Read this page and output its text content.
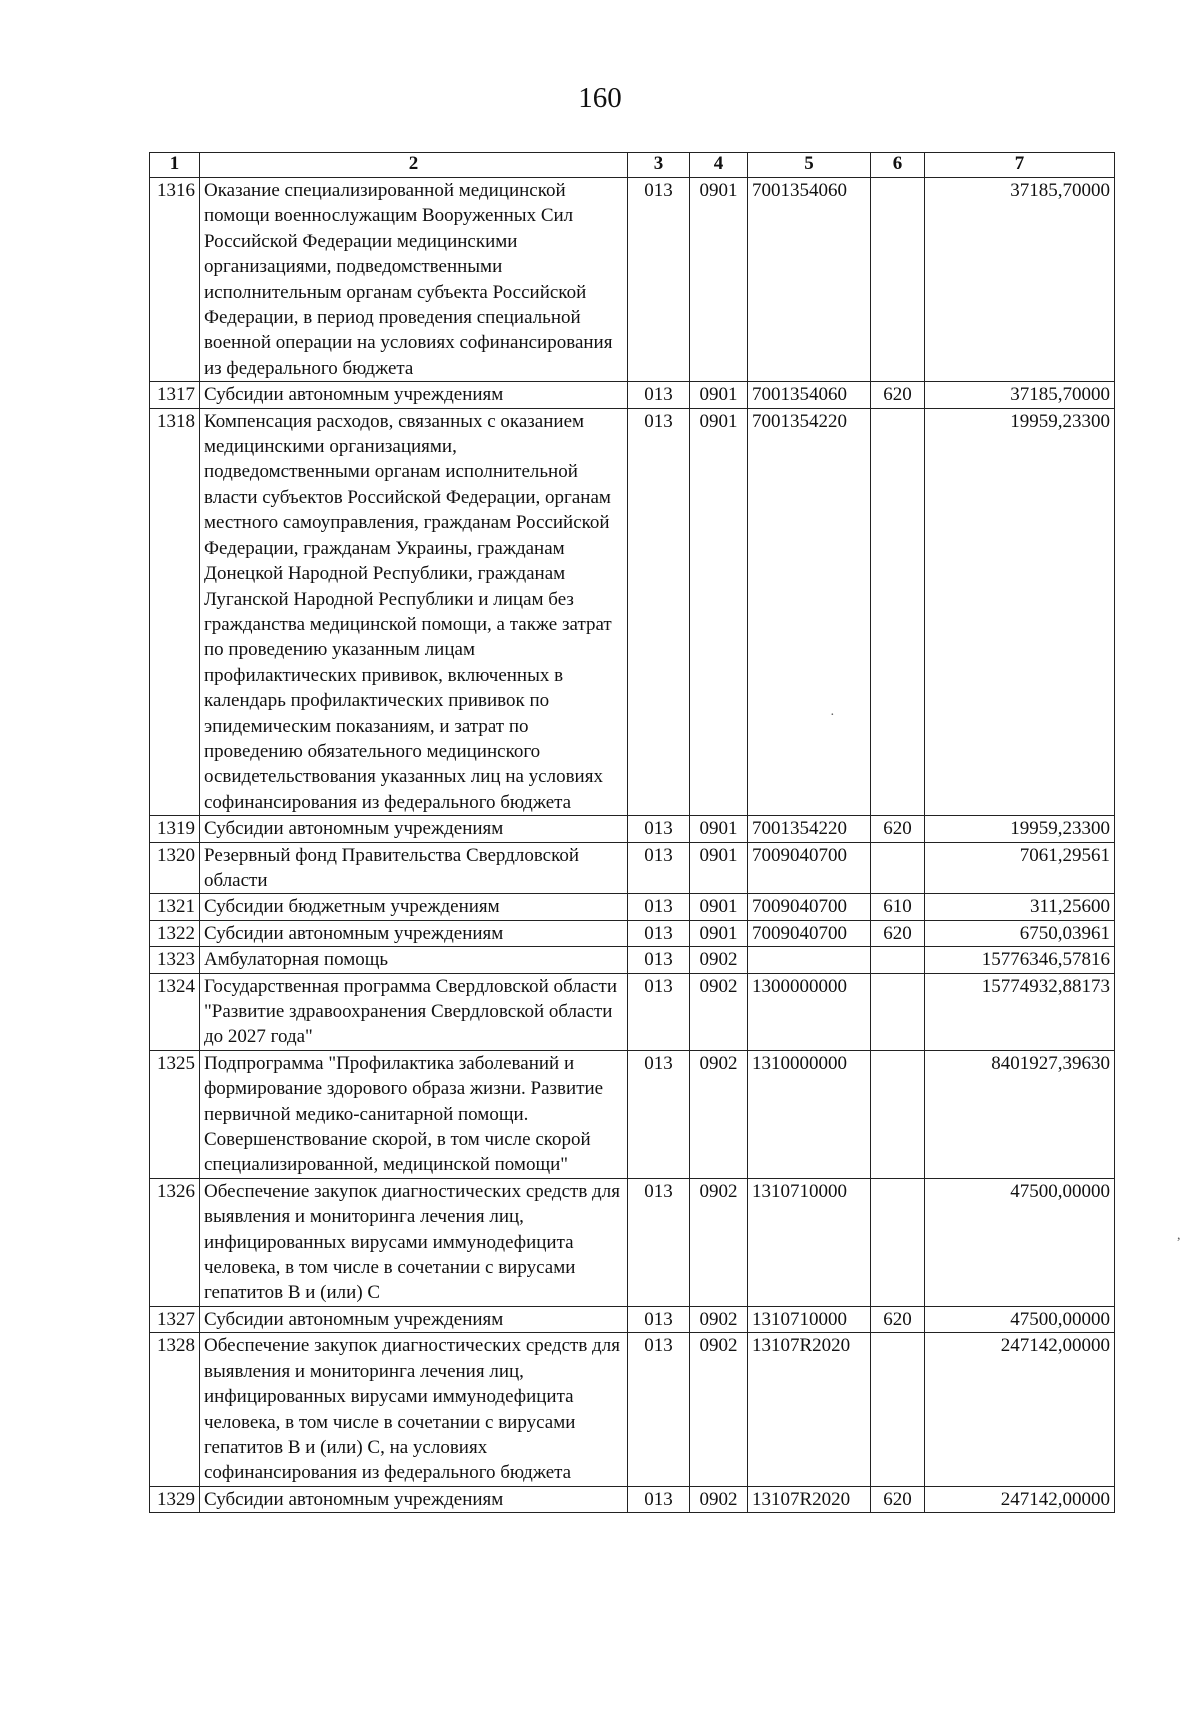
160
1	2	3	4	5	6	7
1316	Оказание специализированной медицинской помощи военнослужащим Вооруженных Сил Российской Федерации медицинскими организациями, подведомственными исполнительным органам субъекта Российской Федерации, в период проведения специальной военной операции на условиях софинансирования из федерального бюджета	013	0901	7001354060		37185,70000
1317	Субсидии автономным учреждениям	013	0901	7001354060	620	37185,70000
1318	Компенсация расходов, связанных с оказанием медицинскими организациями, подведомственными органам исполнительной власти субъектов Российской Федерации, органам местного самоуправления, гражданам Российской Федерации, гражданам Украины, гражданам Донецкой Народной Республики, гражданам Луганской Народной Республики и лицам без гражданства медицинской помощи, а также затрат по проведению указанным лицам профилактических прививок, включенных в календарь профилактических прививок по эпидемическим показаниям, и затрат по проведению обязательного медицинского освидетельствования указанных лиц на условиях софинансирования из федерального бюджета	013	0901	7001354220		19959,23300
1319	Субсидии автономным учреждениям	013	0901	7001354220	620	19959,23300
1320	Резервный фонд Правительства Свердловской области	013	0901	7009040700		7061,29561
1321	Субсидии бюджетным учреждениям	013	0901	7009040700	610	311,25600
1322	Субсидии автономным учреждениям	013	0901	7009040700	620	6750,03961
1323	Амбулаторная помощь	013	0902			15776346,57816
1324	Государственная программа Свердловской области "Развитие здравоохранения Свердловской области до 2027 года"	013	0902	1300000000		15774932,88173
1325	Подпрограмма "Профилактика заболеваний и формирование здорового образа жизни. Развитие первичной медико-санитарной помощи. Совершенствование скорой, в том числе скорой специализированной, медицинской помощи"	013	0902	1310000000		8401927,39630
1326	Обеспечение закупок диагностических средств для выявления и мониторинга лечения лиц, инфицированных вирусами иммунодефицита человека, в том числе в сочетании с вирусами гепатитов B и (или) C	013	0902	1310710000		47500,00000
1327	Субсидии автономным учреждениям	013	0902	1310710000	620	47500,00000
1328	Обеспечение закупок диагностических средств для выявления и мониторинга лечения лиц, инфицированных вирусами иммунодефицита человека, в том числе в сочетании с вирусами гепатитов B и (или) C, на условиях софинансирования из федерального бюджета	013	0902	13107R2020		247142,00000
1329	Субсидии автономным учреждениям	013	0902	13107R2020	620	247142,00000
·
,
